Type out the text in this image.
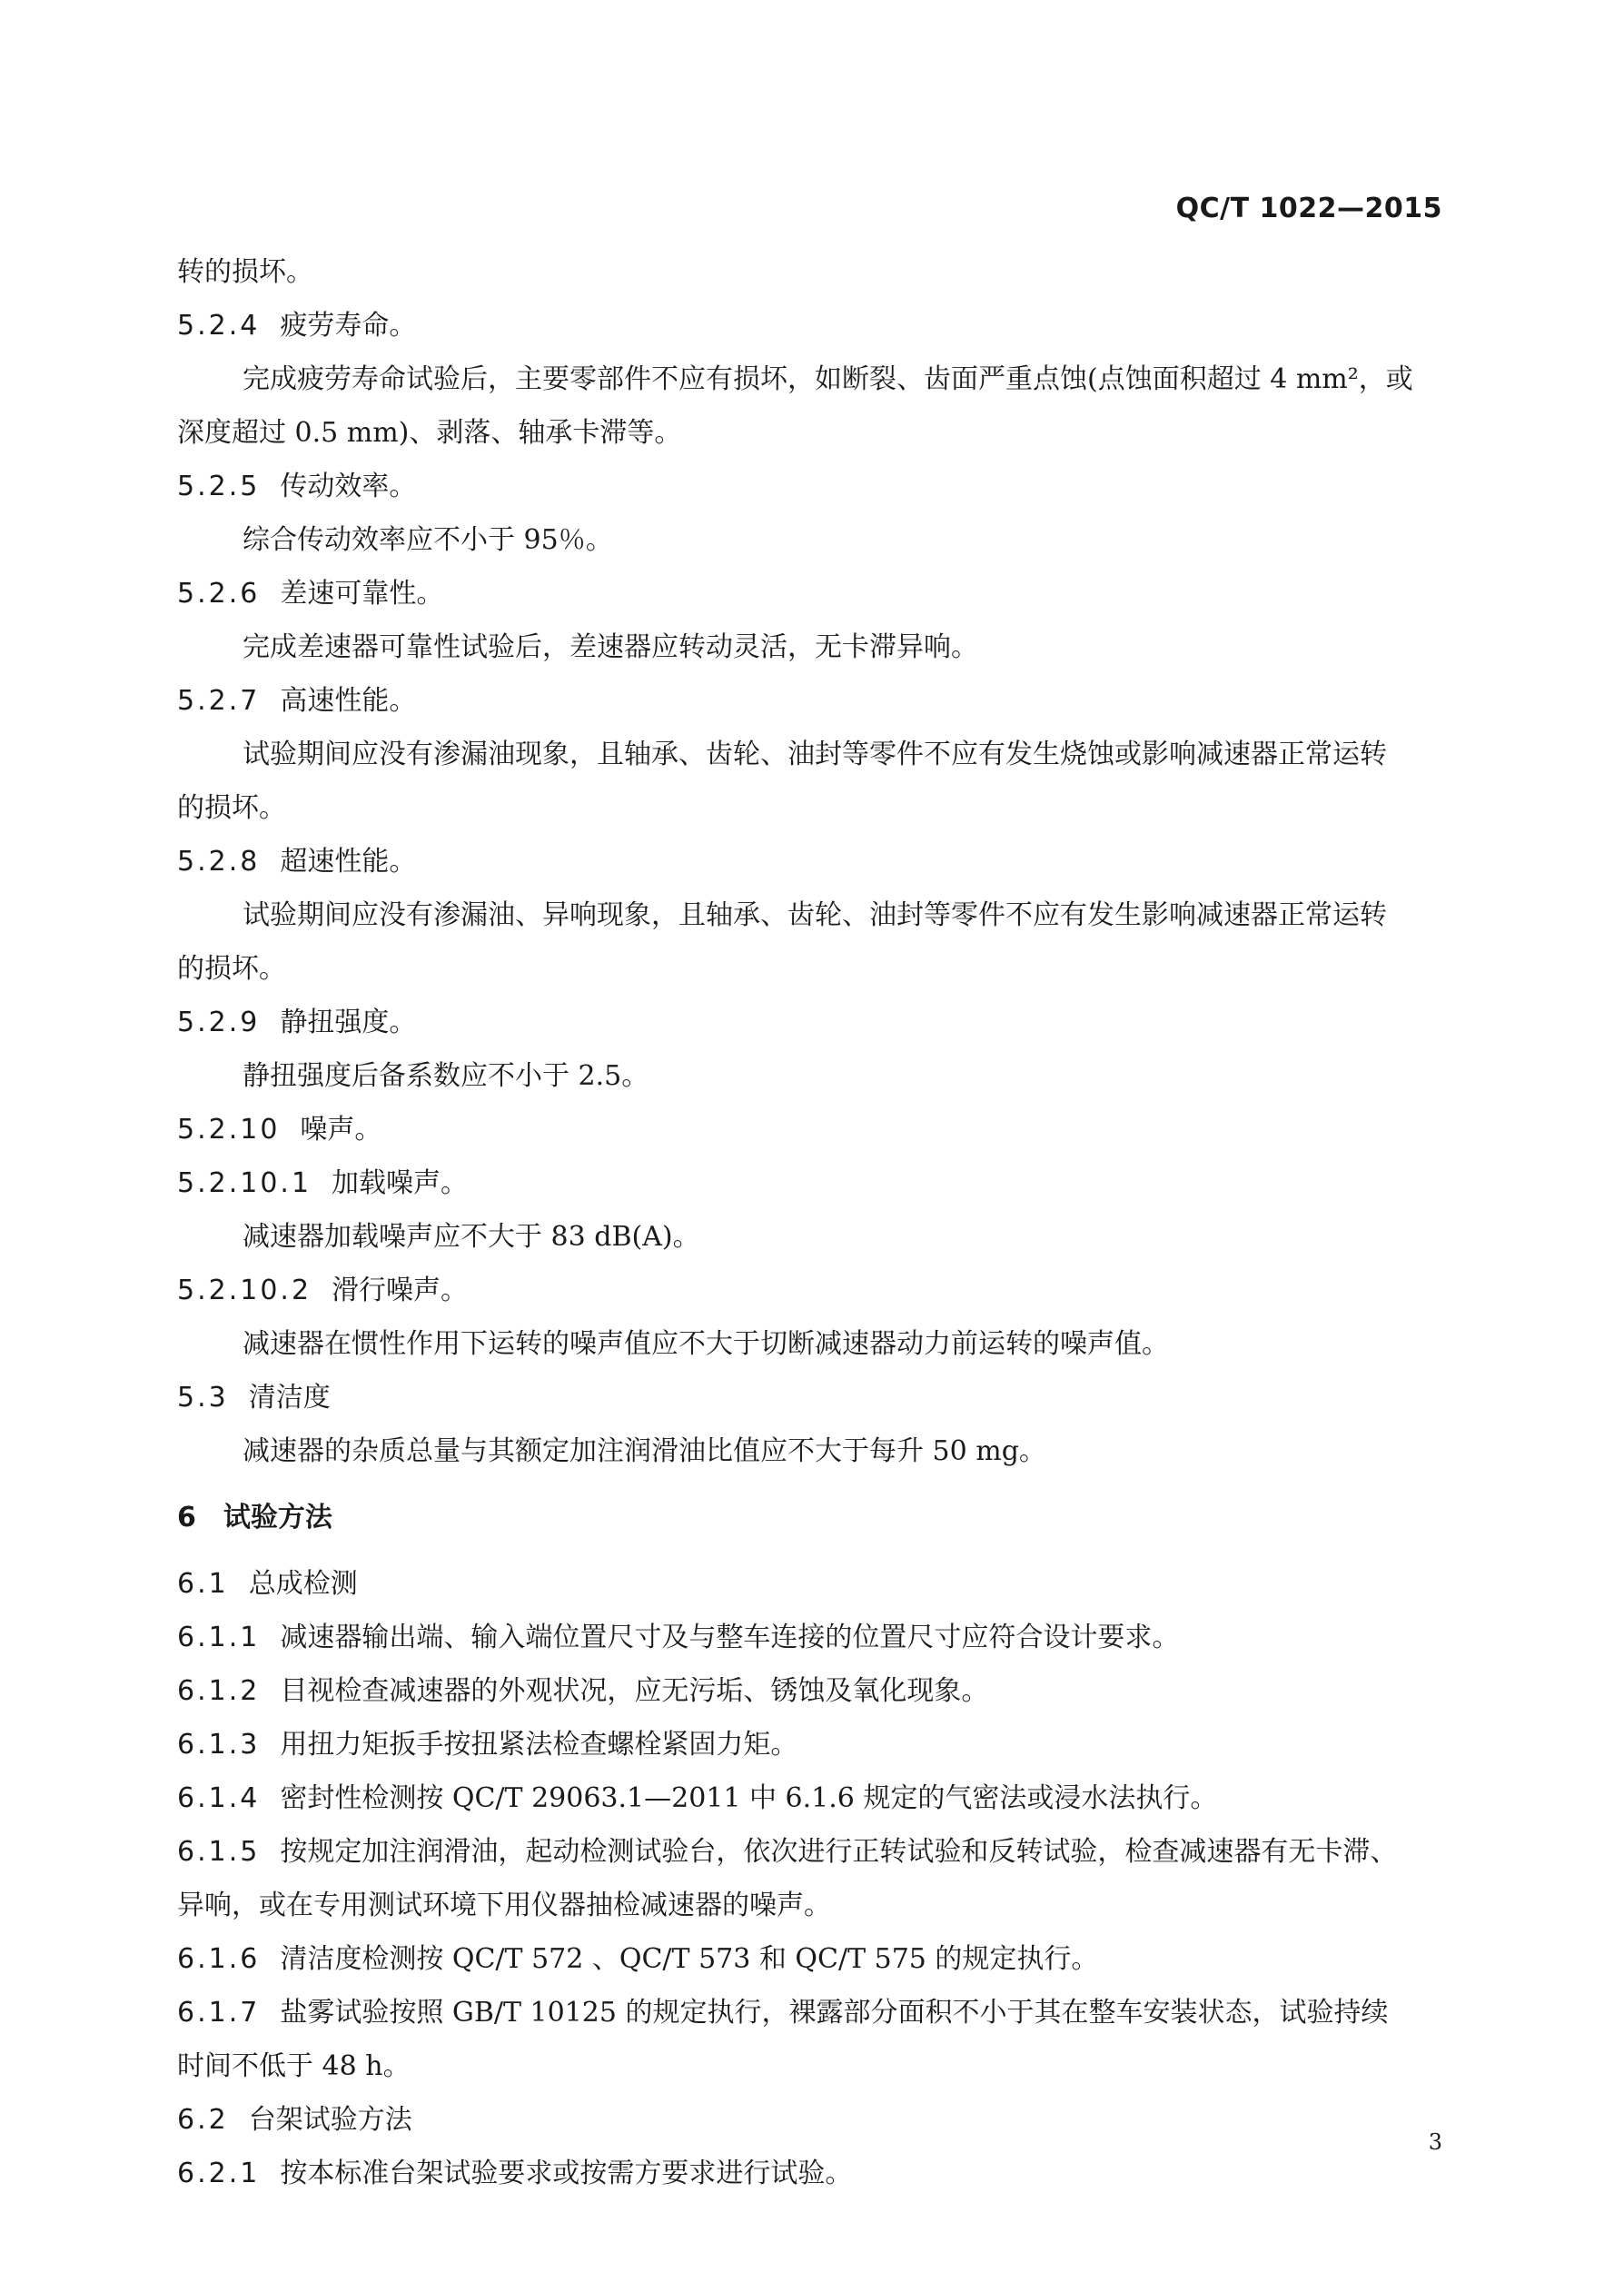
QC/T 1022—2015
转的损坏。
5.2.4 疲劳寿命。
完成疲劳寿命试验后，主要零部件不应有损坏，如断裂、齿面严重点蚀(点蚀面积超过 4 mm²，或
深度超过 0.5 mm)、剥落、轴承卡滞等。
5.2.5 传动效率。
综合传动效率应不小于 95％。
5.2.6 差速可靠性。
完成差速器可靠性试验后，差速器应转动灵活，无卡滞异响。
5.2.7 高速性能。
试验期间应没有渗漏油现象，且轴承、齿轮、油封等零件不应有发生烧蚀或影响减速器正常运转
的损坏。
5.2.8 超速性能。
试验期间应没有渗漏油、异响现象，且轴承、齿轮、油封等零件不应有发生影响减速器正常运转
的损坏。
5.2.9 静扭强度。
静扭强度后备系数应不小于 2.5。
5.2.10 噪声。
5.2.10.1 加载噪声。
减速器加载噪声应不大于 83 dB(A)。
5.2.10.2 滑行噪声。
减速器在惯性作用下运转的噪声值应不大于切断减速器动力前运转的噪声值。
5.3 清洁度
减速器的杂质总量与其额定加注润滑油比值应不大于每升 50 mg。
6 试验方法
6.1 总成检测
6.1.1 减速器输出端、输入端位置尺寸及与整车连接的位置尺寸应符合设计要求。
6.1.2 目视检查减速器的外观状况，应无污垢、锈蚀及氧化现象。
6.1.3 用扭力矩扳手按扭紧法检查螺栓紧固力矩。
6.1.4 密封性检测按 QC/T 29063.1—2011 中 6.1.6 规定的气密法或浸水法执行。
6.1.5 按规定加注润滑油，起动检测试验台，依次进行正转试验和反转试验，检查减速器有无卡滞、
异响，或在专用测试环境下用仪器抽检减速器的噪声。
6.1.6 清洁度检测按 QC/T 572 、QC/T 573 和 QC/T 575 的规定执行。
6.1.7 盐雾试验按照 GB/T 10125 的规定执行，裸露部分面积不小于其在整车安装状态，试验持续
时间不低于 48 h。
6.2 台架试验方法
6.2.1 按本标准台架试验要求或按需方要求进行试验。
3
